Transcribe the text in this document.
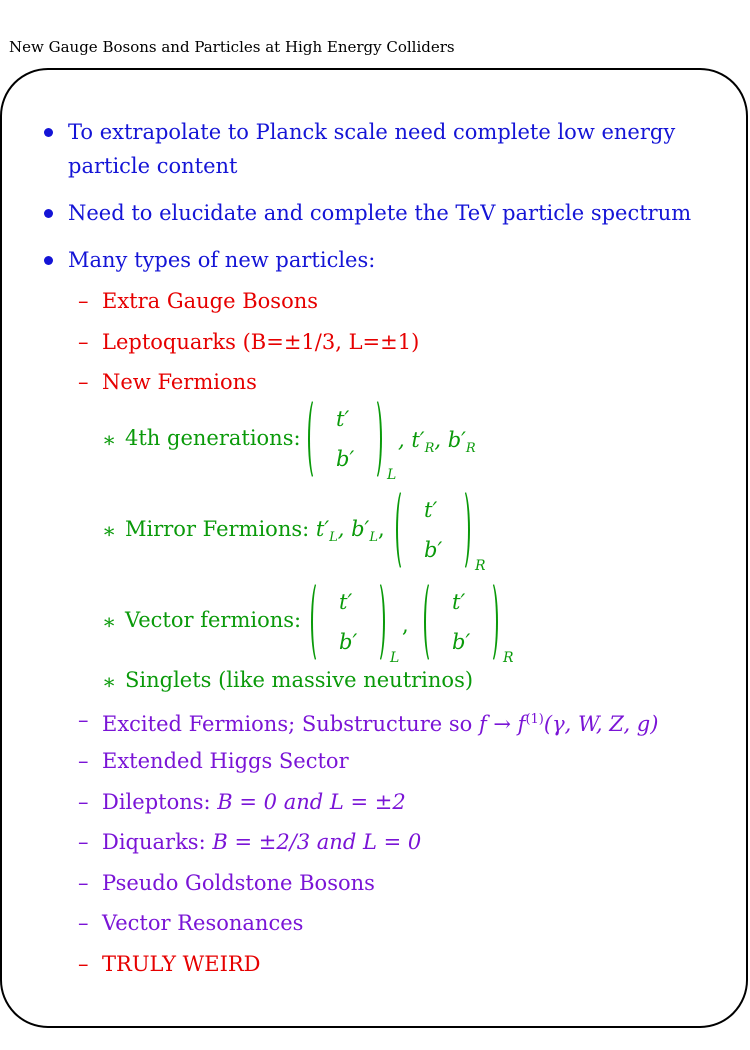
New Gauge Bosons and Particles at High Energy Colliders
To extrapolate to Planck scale need complete low energy
particle content
Need to elucidate and complete the TeV particle spectrum
Many types of new particles:
– Extra Gauge Bosons
– Leptoquarks (B=±1/3, L=±1)
– New Fermions
∗ 4th generations:
t′
b′
L
, $t'_R$, $b'_R$
∗ Mirror Fermions: $t'_L$, $b'_L$,
t′
b′
R
∗ Vector fermions:
t′
b′
L
,
t′
b′
R
∗ Singlets (like massive neutrinos)
– Excited Fermions; Substructure so $f \to f^{(1)}(\gamma$, W, Z, g)
– Extended Higgs Sector
– Dileptons: B = 0 and L = ±2
– Diquarks: B = ±2/3 and L = 0
– Pseudo Goldstone Bosons
– Vector Resonances
– TRULY WEIRD
